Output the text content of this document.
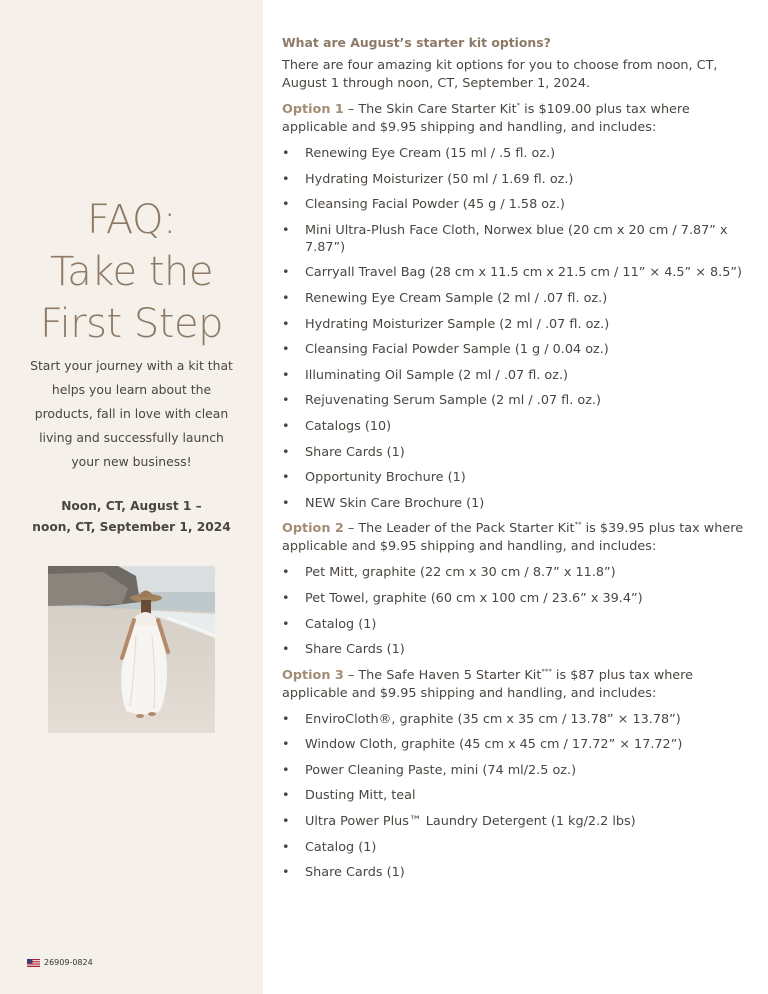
FAQ:
Take the
First Step
Start your journey with a kit that helps you learn about the products, fall in love with clean living and successfully launch your new business!
Noon, CT, August 1 –
noon, CT, September 1, 2024
26909-0824
What are August’s starter kit options?
There are four amazing kit options for you to choose from noon, CT, August 1 through noon, CT, September 1, 2024.
Option 1 – The Skin Care Starter Kit* is $109.00 plus tax where applicable and $9.95 shipping and handling, and includes:
• Renewing Eye Cream (15 ml / .5 fl. oz.)
• Hydrating Moisturizer (50 ml / 1.69 fl. oz.)
• Cleansing Facial Powder (45 g / 1.58 oz.)
• Mini Ultra-Plush Face Cloth, Norwex blue (20 cm x 20 cm / 7.87” x 7.87”)
• Carryall Travel Bag (28 cm x 11.5 cm x 21.5 cm / 11” × 4.5” × 8.5”)
• Renewing Eye Cream Sample (2 ml / .07 fl. oz.)
• Hydrating Moisturizer Sample (2 ml / .07 fl. oz.)
• Cleansing Facial Powder Sample (1 g / 0.04 oz.)
• Illuminating Oil Sample (2 ml / .07 fl. oz.)
• Rejuvenating Serum Sample (2 ml / .07 fl. oz.)
• Catalogs (10)
• Share Cards (1)
• Opportunity Brochure (1)
• NEW Skin Care Brochure (1)
Option 2 – The Leader of the Pack Starter Kit** is $39.95 plus tax where applicable and $9.95 shipping and handling, and includes:
• Pet Mitt, graphite (22 cm x 30 cm / 8.7” x 11.8”)
• Pet Towel, graphite (60 cm x 100 cm / 23.6” x 39.4”)
• Catalog (1)
• Share Cards (1)
Option 3 – The Safe Haven 5 Starter Kit*** is $87 plus tax where applicable and $9.95 shipping and handling, and includes:
• EnviroCloth®, graphite (35 cm x 35 cm / 13.78” × 13.78”)
• Window Cloth, graphite (45 cm x 45 cm / 17.72” × 17.72”)
• Power Cleaning Paste, mini (74 ml/2.5 oz.)
• Dusting Mitt, teal
• Ultra Power Plus™ Laundry Detergent (1 kg/2.2 lbs)
• Catalog (1)
• Share Cards (1)
